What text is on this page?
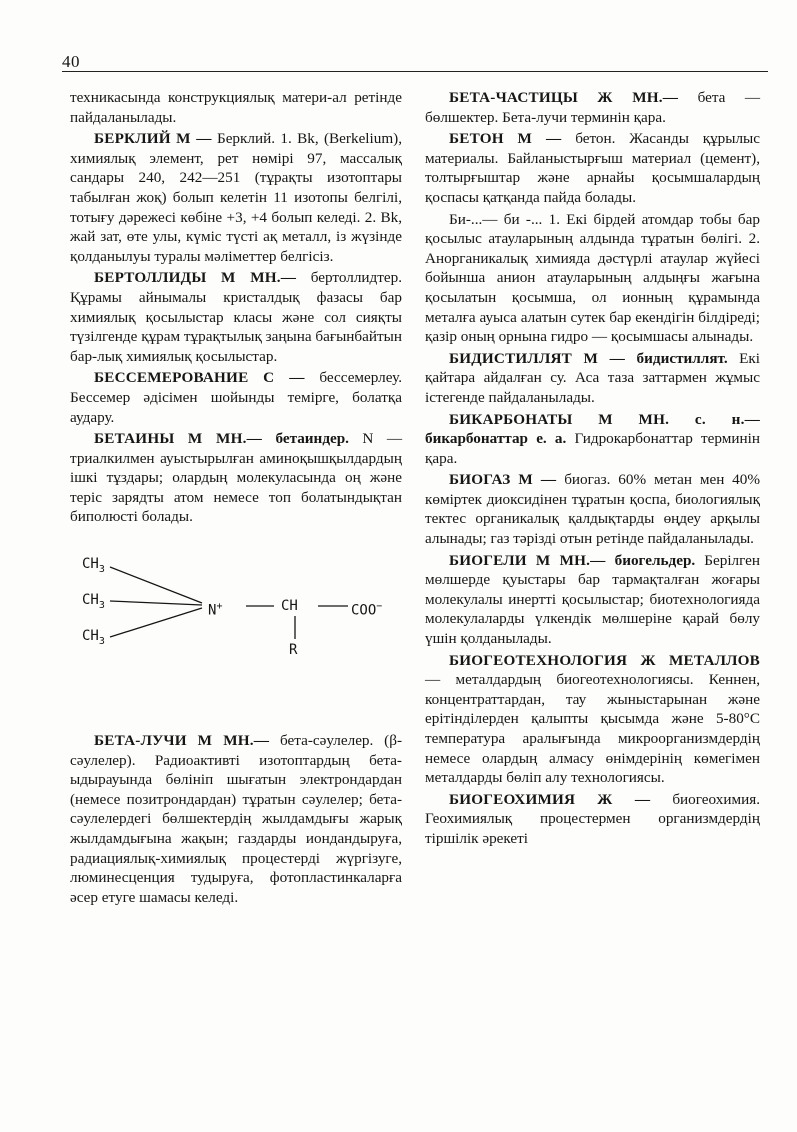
40

техникасында конструкциялық матери-ал ретінде пайдаланылады.

БЕРКЛИЙ М — Берклий. 1. Bk, (Berkelium), химиялық элемент, рет нөмірі 97, массалық сандары 240, 242—251 (тұрақты изотоптары табылған жоқ) болып келетін 11 изотопы белгілі, тотығу дәрежесі көбіне +3, +4 болып келеді. 2. Bk, жай зат, өте улы, күміс түсті ақ металл, із жүзінде қолданылуы туралы мәліметтер белгісіз.

БЕРТОЛЛИДЫ М МН.— бертоллидтер. Құрамы айнымалы кристалдық фазасы бар химиялық қосылыстар класы және сол сияқты түзілгенде құрам тұрақтылық заңына бағынбайтын бар-лық химиялық қосылыстар.

БЕССЕМЕРОВАНИЕ С — бессемерлеу. Бессемер әдісімен шойынды темірге, болатқа аудару.

БЕТАИНЫ М МН.— бетаиндер. N — триалкилмен ауыстырылған аминоқышқылдардың ішкі тұздары; олардың молекуласында оң және теріс зарядты атом немесе топ болатындықтан биполюсті болады.

$CH_3$
$CH_3$
$CH_3$
N+	CH	COO−
R

БЕТА-ЛУЧИ М МН.— бета-сәулелер. (β-сәулелер). Радиоактивті изотоптардың бета-ыдырауында бөлініп шығатын электрондардан (немесе позитрондардан) тұратын сәулелер; бета-сәулелердегі бөлшектердің жылдамдығы жарық жылдамдығына жақын; газдарды иондандыруға, радиациялық-химиялық процестерді жүргізуге, люминесценция тудыруға, фотопластинкаларға әсер етуге шамасы келеді.

БЕТА-ЧАСТИЦЫ Ж МН.— бета — бөлшектер. Бета-лучи терминін қара.

БЕТОН М — бетон. Жасанды құрылыс материалы. Байланыстырғыш материал (цемент), толтырғыштар және арнайы қосымшалардың қоспасы қатқанда пайда болады.

Би-...— би -... 1. Екі бірдей атомдар тобы бар қосылыс атауларының алдында тұратын бөлігі. 2. Анорганикалық химияда дәстүрлі атаулар жүйесі бойынша анион атауларының алдыңғы жағына қосылатын қосымша, ол ионның құрамында металға ауыса алатын сутек бар екендігін білдіреді; қазір оның орнына гидро — қосымшасы алынады.

БИДИСТИЛЛЯТ М — бидистиллят. Екі қайтара айдалған су. Аса таза заттармен жұмыс істегенде пайдаланылады.

БИКАРБОНАТЫ М МН. с. н.— бикарбонаттар е. а. Гидрокарбонаттар терминін қара.

БИОГАЗ М — биогаз. 60% метан мен 40% көміртек диоксидінен тұратын қоспа, биологиялық тектес органикалық қалдықтарды өңдеу арқылы алынады; газ тәрізді отын ретінде пайдаланылады.

БИОГЕЛИ М МН.— биогельдер. Берілген мөлшерде қуыстары бар тармақталған жоғары молекулалы инертті қосылыстар; биотехнологияда молекулаларды үлкендік мөлшеріне қарай бөлу үшін қолданылады.

БИОГЕОТЕХНОЛОГИЯ Ж МЕТАЛЛОВ — металдардың биогеотехнологиясы. Кеннен, концентраттардан, тау жыныстарынан және ерітінділерден қалыпты қысымда және 5-80°С температура аралығында микроорганизмдердің немесе олардың алмасу өнімдерінің көмегімен металдарды бөліп алу технологиясы.

БИОГЕОХИМИЯ Ж — биогеохимия. Геохимиялық процестермен организмдердің тіршілік әрекеті
